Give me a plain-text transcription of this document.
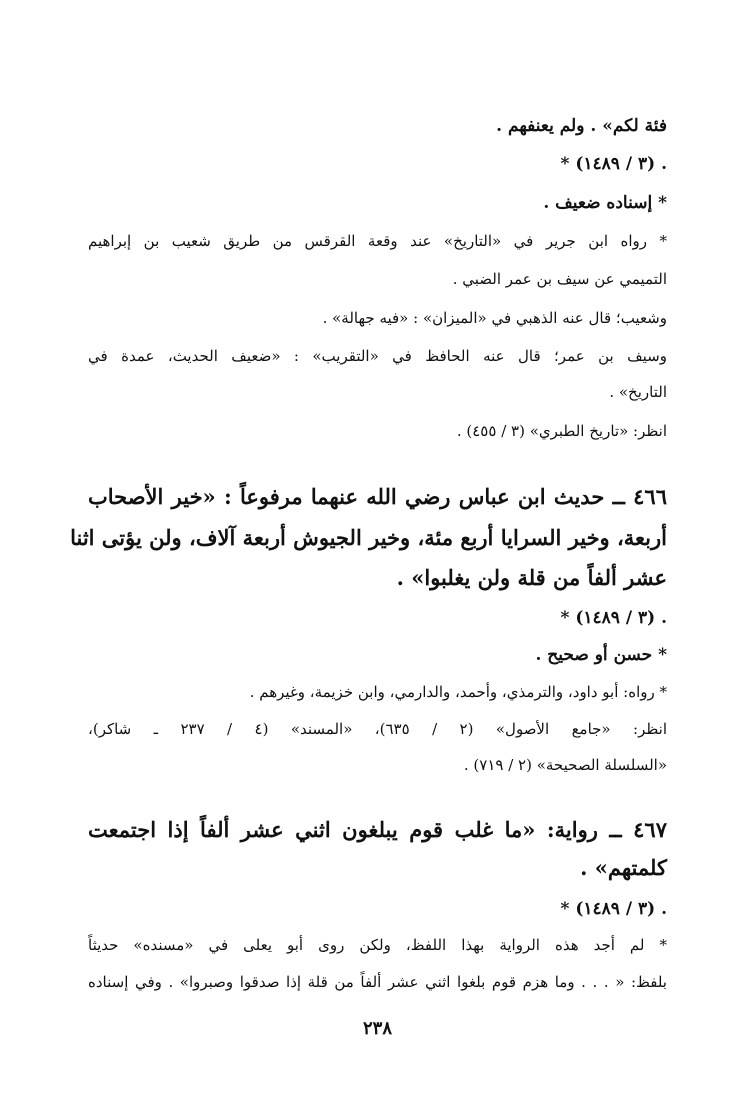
فئة لكم» . ولم يعنفهم .
* (٣ / ١٤٨٩) .
* إسناده ضعيف .
* رواه ابن جرير في «التاريخ» عند وقعة القرقس من طريق شعيب بن إبراهيم
التميمي عن سيف بن عمر الضبي .
وشعيب؛ قال عنه الذهبي في «الميزان» : «فيه جهالة» .
وسيف بن عمر؛ قال عنه الحافظ في «التقريب» : «ضعيف الحديث، عمدة في
التاريخ» .
انظر: «تاريخ الطبري» (٣ / ٤٥٥) .
٤٦٦ ــ حديث ابن عباس رضي الله عنهما مرفوعاً : «خير الأصحاب
أربعة، وخير السرايا أربع مئة، وخير الجيوش أربعة آلاف، ولن يؤتى اثنا
عشر ألفاً من قلة ولن يغلبوا» .
* (٣ / ١٤٨٩) .
* حسن أو صحيح .
* رواه: أبو داود، والترمذي، وأحمد، والدارمي، وابن خزيمة، وغيرهم .
انظر: «جامع الأصول» (٢ / ٦٣٥)، «المسند» (٤ / ٢٣٧ ـ شاكر)،
«السلسلة الصحيحة» (٢ / ٧١٩) .
٤٦٧ ــ رواية: «ما غلب قوم يبلغون اثني عشر ألفاً إذا اجتمعت
كلمتهم» .
* (٣ / ١٤٨٩) .
* لم أجد هذه الرواية بهذا اللفظ، ولكن روى أبو يعلى في «مسنده» حديثاً
بلفظ: « . . . وما هزم قوم بلغوا اثني عشر ألفاً من قلة إذا صدقوا وصبروا» . وفي إسناده
٢٣٨
